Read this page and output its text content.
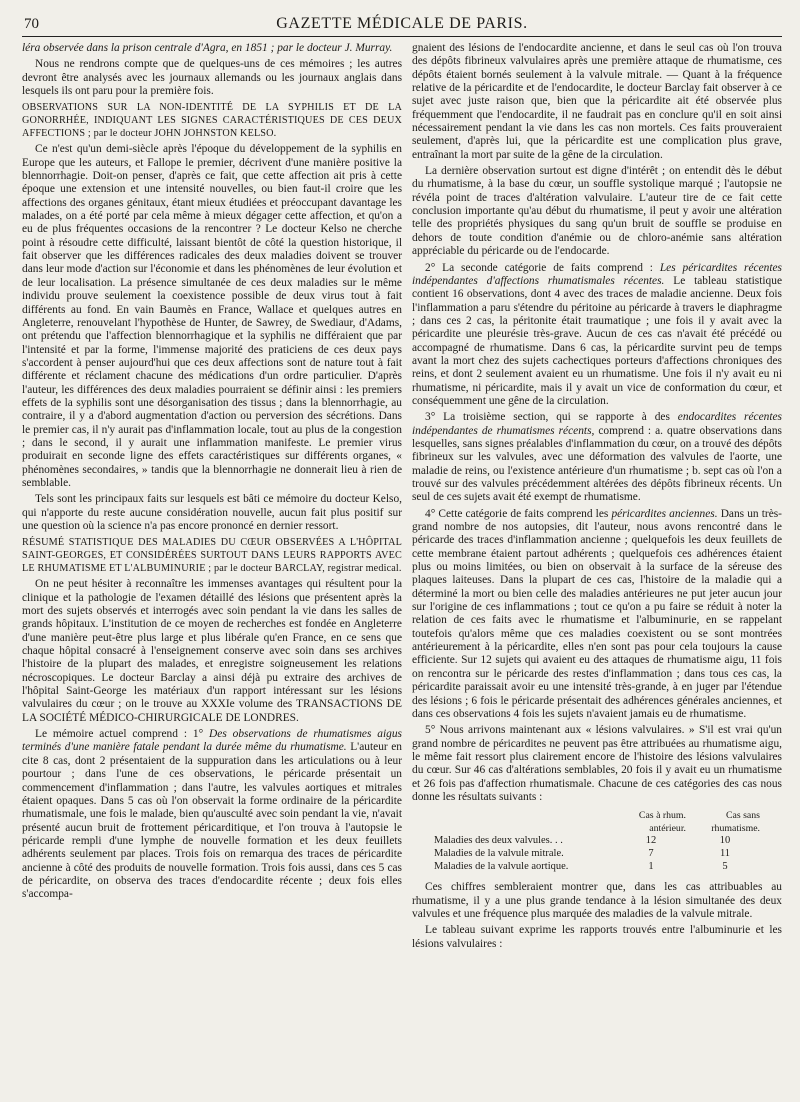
70	GAZETTE MÉDICALE DE PARIS.

léra observée dans la prison centrale d'Agra, en 1851 ; par le docteur J. Murray.

Nous ne rendrons compte que de quelques-uns de ces mémoires ; les autres devront être analysés avec les journaux allemands ou les journaux anglais dans lesquels ils ont paru pour la première fois.

OBSERVATIONS SUR LA NON-IDENTITÉ DE LA SYPHILIS ET DE LA GONORRHÉE, INDIQUANT LES SIGNES CARACTÉRISTIQUES DE CES DEUX AFFECTIONS ; par le docteur JOHN JOHNSTON KELSO.

Ce n'est qu'un demi-siècle après l'époque du développement de la syphilis en Europe que les auteurs, et Fallope le premier, décrivent d'une manière positive la blennorrhagie. Doit-on penser, d'après ce fait, que cette affection ait pris à cette époque une extension et une intensité nouvelles, ou bien faut-il croire que les affections des organes génitaux, étant mieux étudiées et préoccupant davantage les malades, on a été porté par cela même à mieux dégager cette affection, et qu'on a eu de plus fréquentes occasions de la rencontrer ? Le docteur Kelso ne cherche point à résoudre cette difficulté, laissant bientôt de côté la question historique, il fait observer que les différences radicales des deux maladies doivent se trouver dans leur mode d'action sur l'économie et dans les phénomènes de leur évolution et de leur localisation. La présence simultanée de ces deux maladies sur le même individu prouve seulement la coexistence possible de deux virus tout à fait différents au fond. En vain Baumès en France, Wallace et quelques autres en Angleterre, renouvelant l'hypothèse de Hunter, de Sawrey, de Swediaur, d'Adams, ont prétendu que l'affection blennorrhagique et la syphilis ne différaient que par l'intensité et par la forme, l'immense majorité des praticiens de ces deux pays s'accordent à penser aujourd'hui que ces deux affections sont de nature tout à fait différente et réclament chacune des médications d'un ordre particulier. D'après l'auteur, les différences des deux maladies pourraient se définir ainsi : les premiers effets de la syphilis sont une désorganisation des tissus ; dans la blennorrhagie, au contraire, il y a d'abord augmentation d'action ou perversion des sécrétions. Dans le premier cas, il n'y aurait pas d'inflammation locale, tout au plus de la congestion ; dans le second, il y aurait une inflammation manifeste. Le premier virus produirait en seconde ligne des effets caractéristiques sur différents organes, « phénomènes secondaires, » tandis que la blennorrhagie ne donnerait lieu à rien de semblable.

Tels sont les principaux faits sur lesquels est bâti ce mémoire du docteur Kelso, qui n'apporte du reste aucune considération nouvelle, aucun fait plus positif sur une question où la science n'a pas encore prononcé en dernier ressort.

RÉSUMÉ STATISTIQUE DES MALADIES DU CŒUR OBSERVÉES A L'HÔPITAL SAINT-GEORGES, ET CONSIDÉRÉES SURTOUT DANS LEURS RAPPORTS AVEC LE RHUMATISME ET L'ALBUMINURIE ; par le docteur BARCLAY, registrar medical.

On ne peut hésiter à reconnaître les immenses avantages qui résultent pour la clinique et la pathologie de l'examen détaillé des lésions que présentent après la mort des sujets observés et interrogés avec soin pendant la vie dans les salles de grands hôpitaux. L'institution de ce moyen de recherches est fondée en Angleterre d'une manière peut-être plus large et plus libérale qu'en France, en ce sens que chaque hôpital consacré à l'enseignement conserve avec soin dans ses archives l'histoire de la plupart des malades, et enregistre soigneusement les relations nécroscopiques. Le docteur Barclay a ainsi déjà pu extraire des archives de l'hôpital Saint-George les matériaux d'un rapport intéressant sur les lésions valvulaires du cœur ; on le trouve au XXXIe volume des TRANSACTIONS DE LA SOCIÉTÉ MÉDICO-CHIRURGICALE DE LONDRES.

Le mémoire actuel comprend : 1° Des observations de rhumatismes aigus terminés d'une manière fatale pendant la durée même du rhumatisme. L'auteur en cite 8 cas, dont 2 présentaient de la suppuration dans les articulations ou à leur pourtour ; dans l'une de ces observations, le péricarde présentait un commencement d'inflammation ; dans l'autre, les valvules aortiques et mitrales étaient opaques. Dans 5 cas où l'on observait la forme ordinaire de la péricardite rhumatismale, une fois le malade, bien qu'ausculté avec soin pendant la vie, n'avait présenté aucun bruit de frottement péricarditique, et l'on trouva à l'autopsie le péricarde rempli d'une lymphe de nouvelle formation et les deux feuillets adhérents seulement par places. Trois fois on remarqua des traces de péricardite ancienne à côté des produits de nouvelle formation. Trois fois aussi, dans ces 5 cas de péricardite, on observa des traces d'endocardite récente ; deux fois elles s'accompa-

gnaient des lésions de l'endocardite ancienne, et dans le seul cas où l'on trouva des dépôts fibrineux valvulaires après une première attaque de rhumatisme, ces dépôts étaient bornés seulement à la valvule mitrale. — Quant à la fréquence relative de la péricardite et de l'endocardite, le docteur Barclay fait observer à ce sujet avec juste raison que, bien que la péricardite ait été observée plus fréquemment que l'endocardite, il ne faudrait pas en conclure qu'il en soit ainsi nécessairement pendant la vie dans les cas non mortels. Ces faits prouveraient seulement, d'après lui, que la péricardite est une complication plus grave, entraînant la mort par suite de la gêne de la circulation.

La dernière observation surtout est digne d'intérêt ; on entendit dès le début du rhumatisme, à la base du cœur, un souffle systolique marqué ; l'autopsie ne révéla point de traces d'altération valvulaire. L'auteur tire de ce fait cette conclusion importante qu'au début du rhumatisme, il peut y avoir une altération telle des propriétés physiques du sang qu'un bruit de souffle se produise en dehors de toute condition d'anémie ou de chloro-anémie sans altération appréciable du péricarde ou de l'endocarde.

2° La seconde catégorie de faits comprend : Les péricardites récentes indépendantes d'affections rhumatismales récentes. Le tableau statistique contient 16 observations, dont 4 avec des traces de maladie ancienne. Deux fois l'inflammation a paru s'étendre du péritoine au péricarde à travers le diaphragme ; dans ces 2 cas, la péritonite était traumatique ; une fois il y avait avec la péricardite une pleurésie très-grave. Aucun de ces cas n'avait été précédé ou accompagné de rhumatisme. Dans 6 cas, la péricardite survint peu de temps avant la mort chez des sujets cachectiques porteurs d'affections chroniques des reins, et dont 2 seulement avaient eu un rhumatisme. Une fois il n'y avait eu ni rhumatisme, ni péricardite, mais il y avait un vice de conformation du cœur, et conséquemment une gêne de la circulation.

3° La troisième section, qui se rapporte à des endocardites récentes indépendantes de rhumatismes récents, comprend : a. quatre observations dans lesquelles, sans signes préalables d'inflammation du cœur, on a trouvé des dépôts fibrineux sur les valvules, avec une déformation des valvules de l'aorte, une maladie de reins, ou l'existence antérieure d'un rhumatisme ; b. sept cas où l'on a trouvé sur des valvules précédemment altérées des dépôts fibrineux récents. Un seul de ces sujets avait été exempt de rhumatisme.

4° Cette catégorie de faits comprend les péricardites anciennes. Dans un très-grand nombre de nos autopsies, dit l'auteur, nous avons rencontré dans le péricarde des traces d'inflammation ancienne ; quelquefois les deux feuillets de cette membrane étaient partout adhérents ; quelquefois ces adhérences étaient plus ou moins limitées, ou bien on observait à la surface de la séreuse des plaques laiteuses. Dans la plupart de ces cas, l'histoire de la maladie qui a déterminé la mort ou bien celle des maladies antérieures ne put jeter aucun jour sur l'origine de ces inflammations ; tout ce qu'on a pu faire se réduit à noter la relation de ces faits avec le rhumatisme et l'albuminurie, en se rappelant toutefois qu'alors même que ces maladies coexistent ou se sont montrées antérieurement à la péricardite, elles n'en sont pas pour cela toujours la cause efficiente. Sur 12 sujets qui avaient eu des attaques de rhumatisme aigu, 11 fois on rencontra sur le péricarde des restes d'inflammation ; dans tous ces cas, la péricardite paraissait avoir eu une intensité très-grande, à en juger par l'étendue des lésions ; 6 fois le péricarde présentait des adhérences générales anciennes, et dans ces observations 4 fois les sujets n'avaient jamais eu de rhumatisme.

5° Nous arrivons maintenant aux « lésions valvulaires. » S'il est vrai qu'un grand nombre de péricardites ne peuvent pas être attribuées au rhumatisme aigu, le même fait ressort plus clairement encore de l'histoire des lésions valvulaires du cœur. Sur 46 cas d'altérations semblables, 20 fois il y avait eu un rhumatisme et 26 fois pas d'affection rhumatismale. Chacune de ces catégories des cas nous donne les résultats suivants :

	Cas à rhum. antérieur.	Cas sans rhumatisme.
Maladies des deux valvules. . .	12	10
Maladies de la valvule mitrale.	7	11
Maladies de la valvule aortique.	1	5

Ces chiffres sembleraient montrer que, dans les cas attribuables au rhumatisme, il y a une plus grande tendance à la lésion simultanée des deux valvules et une fréquence plus marquée des maladies de la valvule mitrale.

Le tableau suivant exprime les rapports trouvés entre l'albuminurie et les lésions valvulaires :
